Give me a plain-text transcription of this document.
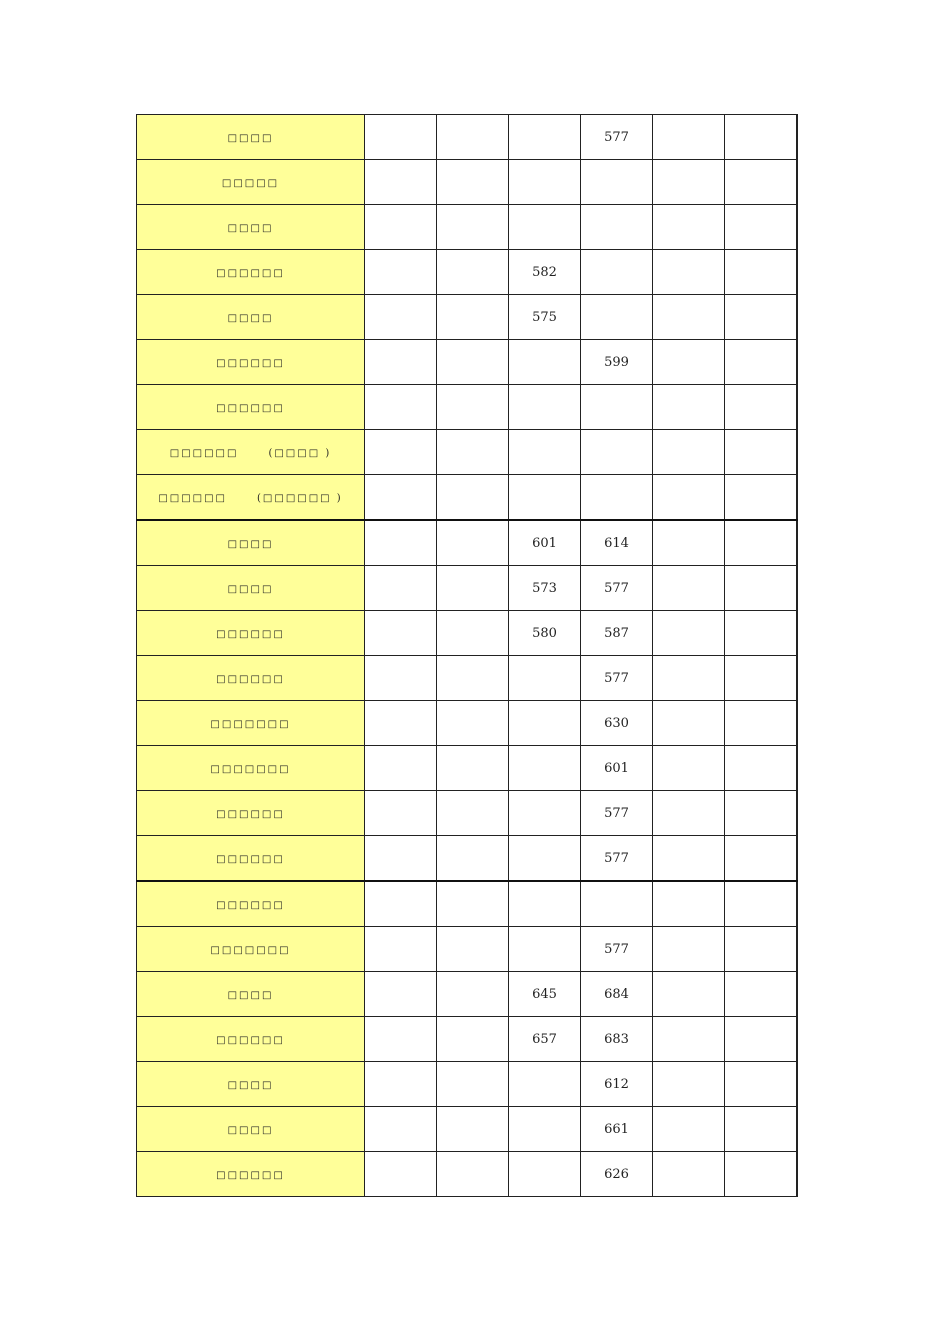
□□□□				577		
□□□□□						
□□□□						
□□□□□□			582			
□□□□			575			
□□□□□□				599		
□□□□□□						
□□□□□□ (□□□□ )						
□□□□□□ (□□□□□□ )						
□□□□			601	614		
□□□□			573	577		
□□□□□□			580	587		
□□□□□□				577		
□□□□□□□				630		
□□□□□□□				601		
□□□□□□				577		
□□□□□□				577		
□□□□□□						
□□□□□□□				577		
□□□□			645	684		
□□□□□□			657	683		
□□□□				612		
□□□□				661		
□□□□□□				626		
